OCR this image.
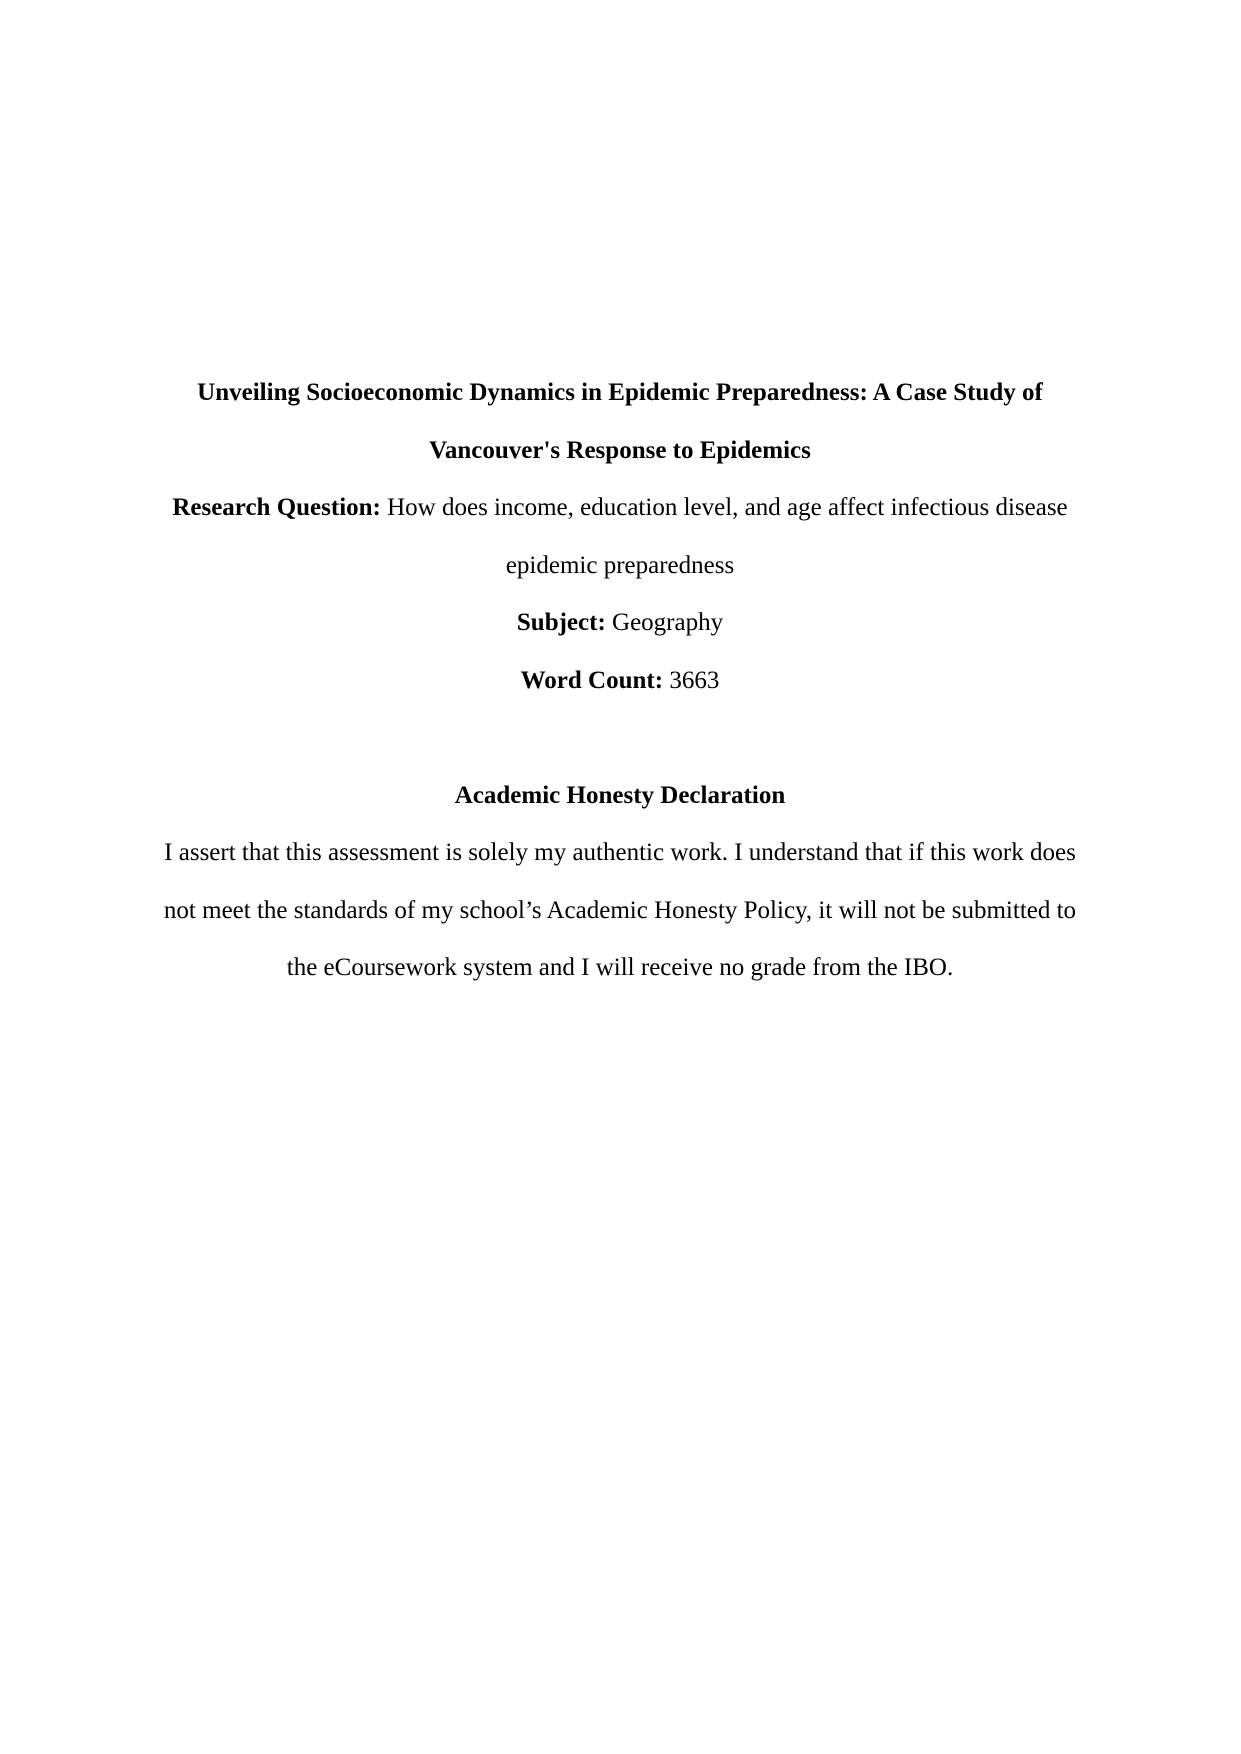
Unveiling Socioeconomic Dynamics in Epidemic Preparedness: A Case Study of

Vancouver's Response to Epidemics

Research Question: How does income, education level, and age affect infectious disease

epidemic preparedness

Subject: Geography

Word Count: 3663

Academic Honesty Declaration

I assert that this assessment is solely my authentic work. I understand that if this work does

not meet the standards of my school’s Academic Honesty Policy, it will not be submitted to

the eCoursework system and I will receive no grade from the IBO.
